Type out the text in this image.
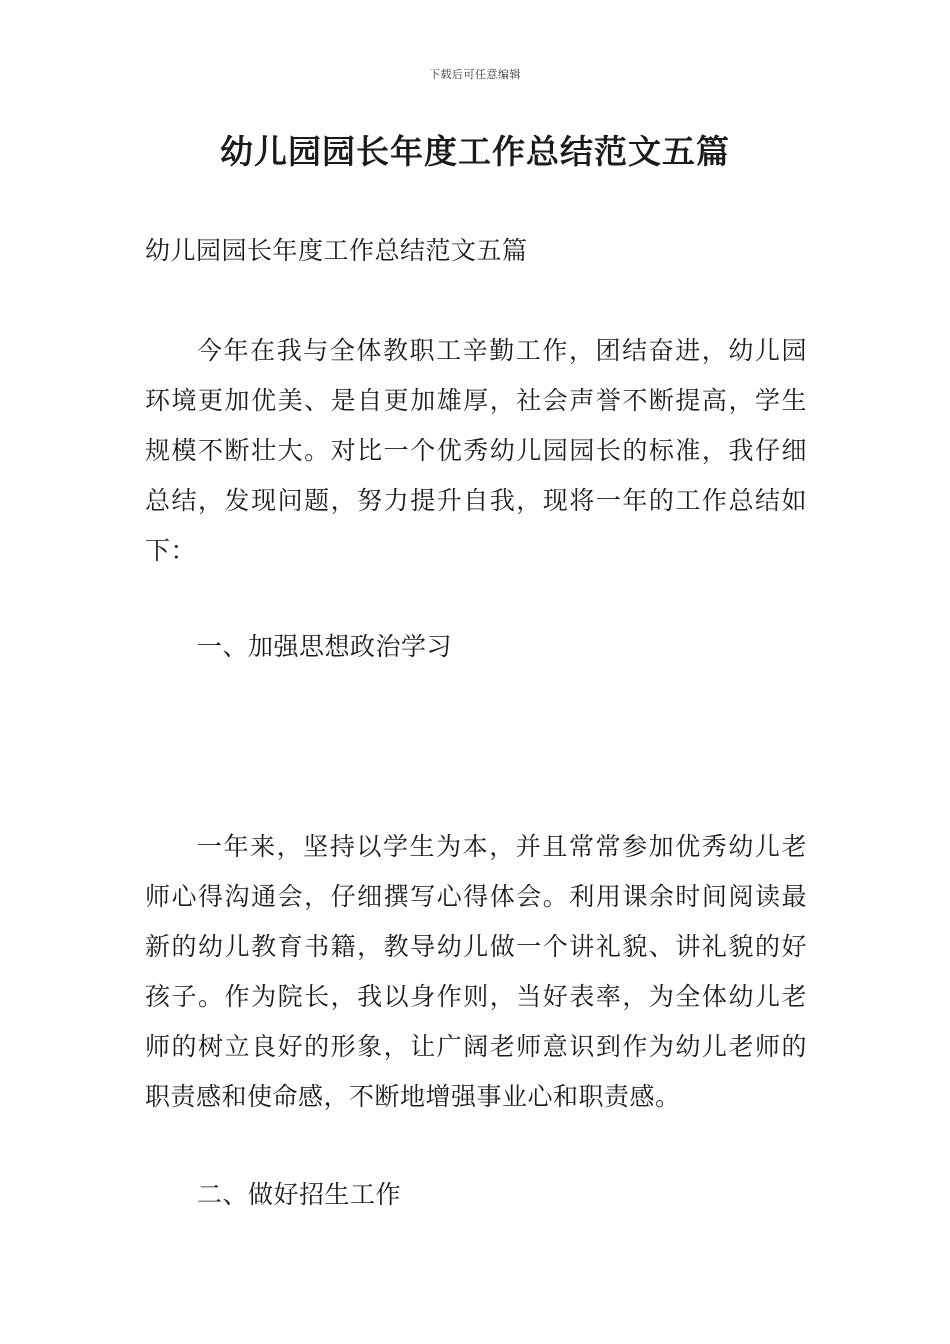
下载后可任意编辑
幼儿园园长年度工作总结范文五篇
幼儿园园长年度工作总结范文五篇
今年在我与全体教职工辛勤工作，团结奋进，幼儿园环境更加优美、是自更加雄厚，社会声誉不断提高，学生规模不断壮大。对比一个优秀幼儿园园长的标准，我仔细总结，发现问题，努力提升自我，现将一年的工作总结如下：
一、加强思想政治学习
一年来，坚持以学生为本，并且常常参加优秀幼儿老师心得沟通会，仔细撰写心得体会。利用课余时间阅读最新的幼儿教育书籍，教导幼儿做一个讲礼貌、讲礼貌的好孩子。作为院长，我以身作则，当好表率，为全体幼儿老师的树立良好的形象，让广阔老师意识到作为幼儿老师的职责感和使命感，不断地增强事业心和职责感。
二、做好招生工作
